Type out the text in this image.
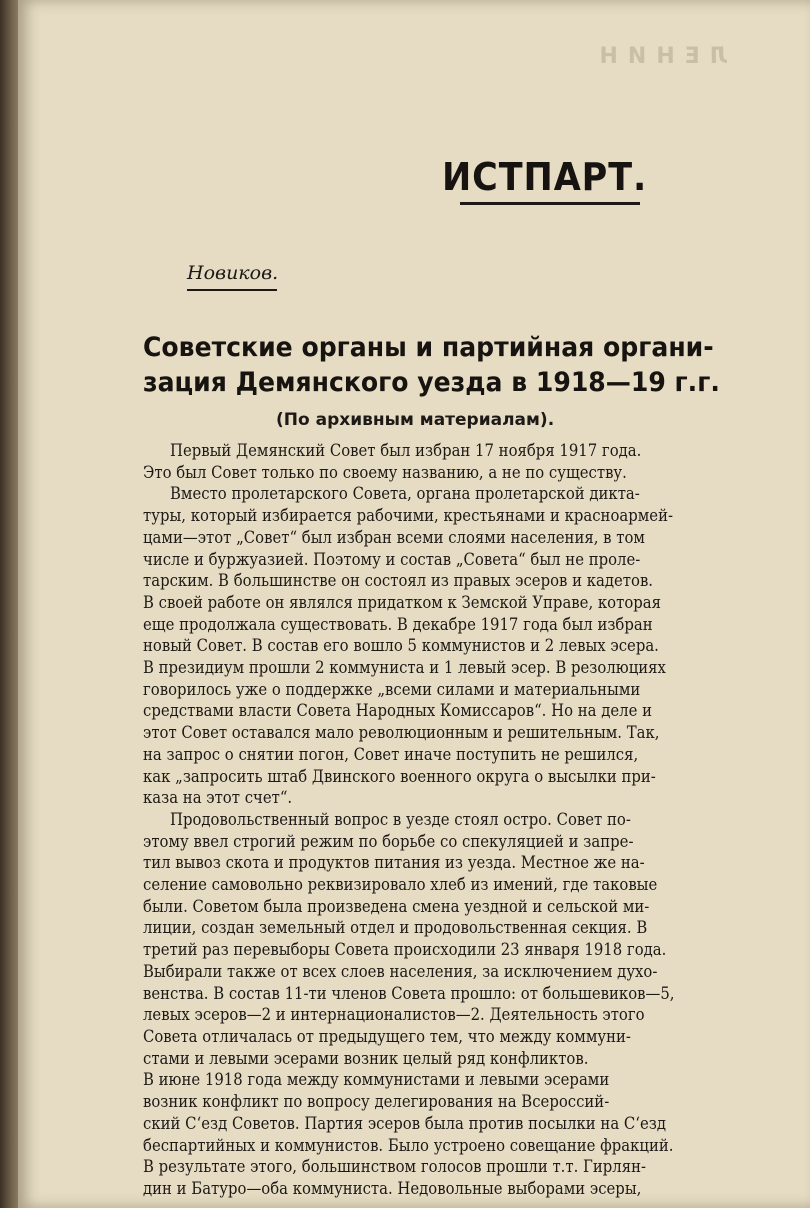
ЛЕНИН
ИСТПАРТ.
Новиков.
Советские органы и партийная органи-
зация Демянского уезда в 1918—19 г.г.
(По архивным материалам).
Первый Демянский Совет был избран 17 ноября 1917 года.
Это был Совет только по своему названию, а не по существу.
Вместо пролетарского Совета, органа пролетарской дикта-
туры, который избирается рабочими, крестьянами и красноармей-
цами—этот „Совет“ был избран всеми слоями населения, в том
числе и буржуазией. Поэтому и состав „Совета“ был не проле-
тарским. В большинстве он состоял из правых эсеров и кадетов.
В своей работе он являлся придатком к Земской Управе, которая
еще продолжала существовать. В декабре 1917 года был избран
новый Совет. В состав его вошло 5 коммунистов и 2 левых эсера.
В президиум прошли 2 коммуниста и 1 левый эсер. В резолюциях
говорилось уже о поддержке „всеми силами и материальными
средствами власти Совета Народных Комиссаров“. Но на деле и
этот Совет оставался мало революционным и решительным. Так,
на запрос о снятии погон, Совет иначе поступить не решился,
как „запросить штаб Двинского военного округа о высылки при-
каза на этот счет“.
Продовольственный вопрос в уезде стоял остро. Совет по-
этому ввел строгий режим по борьбе со спекуляцией и запре-
тил вывоз скота и продуктов питания из уезда. Местное же на-
селение самовольно реквизировало хлеб из имений, где таковые
были. Советом была произведена смена уездной и сельской ми-
лиции, создан земельный отдел и продовольственная секция. В
третий раз перевыборы Совета происходили 23 января 1918 года.
Выбирали также от всех слоев населения, за исключением духо-
венства. В состав 11-ти членов Совета прошло: от большевиков—5,
левых эсеров—2 и интернационалистов—2. Деятельность этого
Совета отличалась от предыдущего тем, что между коммуни-
стами и левыми эсерами возник целый ряд конфликтов.
В июне 1918 года между коммунистами и левыми эсерами
возник конфликт по вопросу делегирования на Всероссий-
ский С‘езд Советов. Партия эсеров была против посылки на С‘езд
беспартийных и коммунистов. Было устроено совещание фракций.
В результате этого, большинством голосов прошли т.т. Гирлян-
дин и Батуро—оба коммуниста. Недовольные выборами эсеры,
